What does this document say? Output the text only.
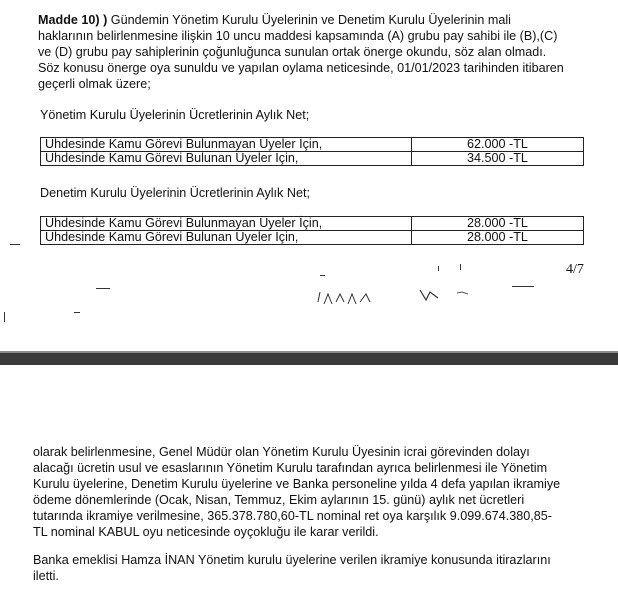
Madde 10) ) Gündemin Yönetim Kurulu Üyelerinin ve Denetim Kurulu Üyelerinin mali
haklarının belirlenmesine ilişkin 10 uncu maddesi kapsamında (A) grubu pay sahibi ile (B),(C)
ve (D) grubu pay sahiplerinin çoğunluğunca sunulan ortak önerge okundu, söz alan olmadı.
Söz konusu önerge oya sunuldu ve yapılan oylama neticesinde, 01/01/2023 tarihinden itibaren
geçerli olmak üzere;
Yönetim Kurulu Üyelerinin Ücretlerinin Aylık Net;
Uhdesinde Kamu Görevi Bulunmayan Üyeler İçin,	62.000 -TL
Uhdesinde Kamu Görevi Bulunan Üyeler İçin,	34.500 -TL
Denetim Kurulu Üyelerinin Ücretlerinin Aylık Net;
Uhdesinde Kamu Görevi Bulunmayan Üyeler İçin,	28.000 -TL
Uhdesinde Kamu Görevi Bulunan Üyeler İçin,	28.000 -TL
4/7
olarak belirlenmesine, Genel Müdür olan Yönetim Kurulu Üyesinin icrai görevinden dolayı
alacağı ücretin usul ve esaslarının Yönetim Kurulu tarafından ayrıca belirlenmesi ile Yönetim
Kurulu üyelerine, Denetim Kurulu üyelerine ve Banka personeline yılda 4 defa yapılan ikramiye
ödeme dönemlerinde (Ocak, Nisan, Temmuz, Ekim aylarının 15. günü) aylık net ücretleri
tutarında ikramiye verilmesine, 365.378.780,60-TL nominal ret oya karşılık 9.099.674.380,85-
TL nominal KABUL oyu neticesinde oyçokluğu ile karar verildi.
Banka emeklisi Hamza İNAN Yönetim kurulu üyelerine verilen ikramiye konusunda itirazlarını
iletti.
